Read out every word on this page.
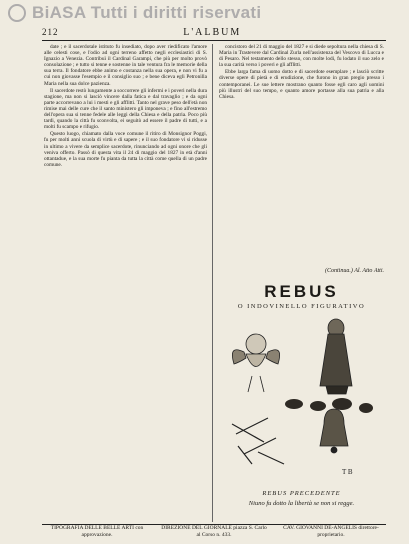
BiASA Tutti i diritti riservati
212	L'ALBUM

date ; e il sacerdotale istituto fu insediato, dopo aver riedificato l'amore alle celesti cose, e l'odio ad ogni terreno affetto negli ecclesiastici di S. Ignazio a Venezia. Contribuì il Cardinal Garampi, che più per molto provò consolazione ; e tutto si tenne e sostenne in tale ventura fra le memorie della sua terra. Il fondatore ebbe animo e costanza nella sua opera, e non vi fu a cui non giovasse l'esempio e il consiglio suo ; e bene diceva egli Petronilla Maria nella sua dolce pazienza.

Il sacerdote restò lungamente a soccorrere gli infermi e i poveri nella dura stagione, ma non si lasciò vincere dalla fatica e dal travaglio ; e da ogni parte accorrevano a lui i mesti e gli afflitti. Tanto nel grave peso dell'età non rimise mai delle cure che il santo ministero gli imponeva ; e fino all'estremo dell'opera sua si tenne fedele alle leggi della Chiesa e della patria. Poco più tardi, quando la città fu sconvolta, ei seguitò ad essere il padre di tutti, e a molti fu scampo e rifugio.

Questo luogo, chiamato dalla voce comune il ritiro di Monsignor Poggi, fu per molti anni scuola di virtù e di sapere ; e il suo fondatore vi si ridusse in ultimo a vivere da semplice sacerdote, rinunciando ad ogni onore che gli veniva offerto. Passò di questa vita il 24 di maggio del 1827 in età d'anni ottantadue, e la sua morte fu pianta da tutta la città come quella di un padre comune.

concistoro del 21 di maggio del 1827 e si diede sepoltura nella chiesa di S. Maria in Trastevere dal Cardinal Zurla nell'assistenza del Vescovo di Lucca e di Pesaro. Nel testamento dello stesso, con molte lodi, fu lodato il suo zelo e la sua carità verso i poveri e gli afflitti.

Ebbe larga fama di uomo dotto e di sacerdote esemplare ; e lasciò scritte diverse opere di pietà e di erudizione, che furono in gran pregio presso i contemporanei. Le sue lettere mostrano quanto fosse egli caro agli uomini più illustri del suo tempo, e quanto amore portasse alla sua patria e alla Chiesa.

(Continua.) Al. Atto Atti.
REBUS
O INDOVINELLO FIGURATIVO
T B
REBUS PRECEDENTE
Niuno fu dotto la libertà se non si regge.
TIPOGRAFIA DELLE BELLE ARTI con approvazione.
DIREZIONE DEL GIORNALE piazza S. Carlo al Corso n. 433.
CAV. GIOVANNI DE-ANGELIS direttore-proprietario.
